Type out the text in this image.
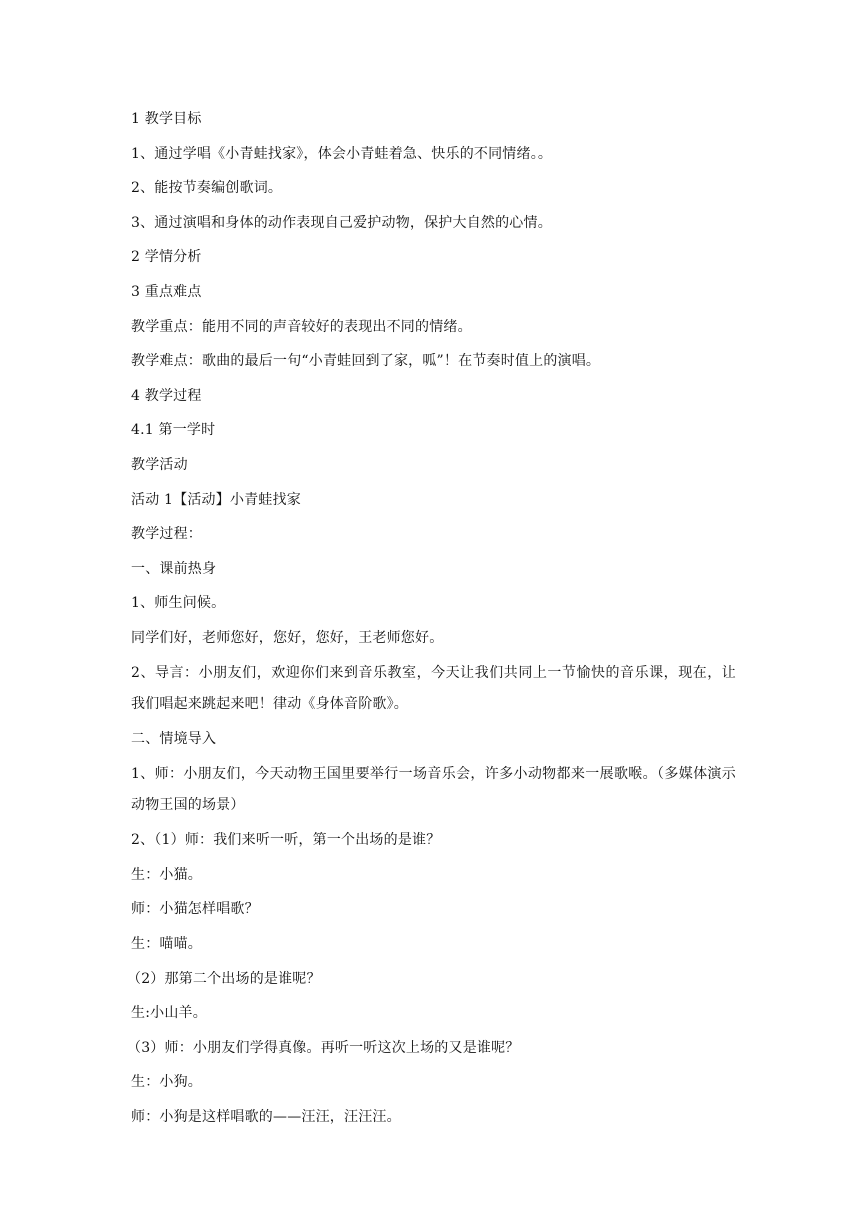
1 教学目标

1、通过学唱《小青蛙找家》，体会小青蛙着急、快乐的不同情绪。。

2、能按节奏编创歌词。

3、通过演唱和身体的动作表现自己爱护动物，保护大自然的心情。

2 学情分析

3 重点难点

教学重点：能用不同的声音较好的表现出不同的情绪。

教学难点：歌曲的最后一句“小青蛙回到了家，呱”！在节奏时值上的演唱。

4 教学过程

4.1 第一学时

教学活动

活动 1【活动】小青蛙找家

教学过程：

一、课前热身

1、师生问候。

同学们好，老师您好，您好，您好，王老师您好。

2、导言：小朋友们，欢迎你们来到音乐教室，今天让我们共同上一节愉快的音乐课，现在，让我们唱起来跳起来吧！律动《身体音阶歌》。

二、情境导入

1、师：小朋友们，今天动物王国里要举行一场音乐会，许多小动物都来一展歌喉。（多媒体演示动物王国的场景）

2、（1）师：我们来听一听，第一个出场的是谁？

生：小猫。

师：小猫怎样唱歌？

生：喵喵。

（2）那第二个出场的是谁呢？

生:小山羊。

（3）师：小朋友们学得真像。再听一听这次上场的又是谁呢？

生：小狗。

师：小狗是这样唱歌的——汪汪，汪汪汪。
